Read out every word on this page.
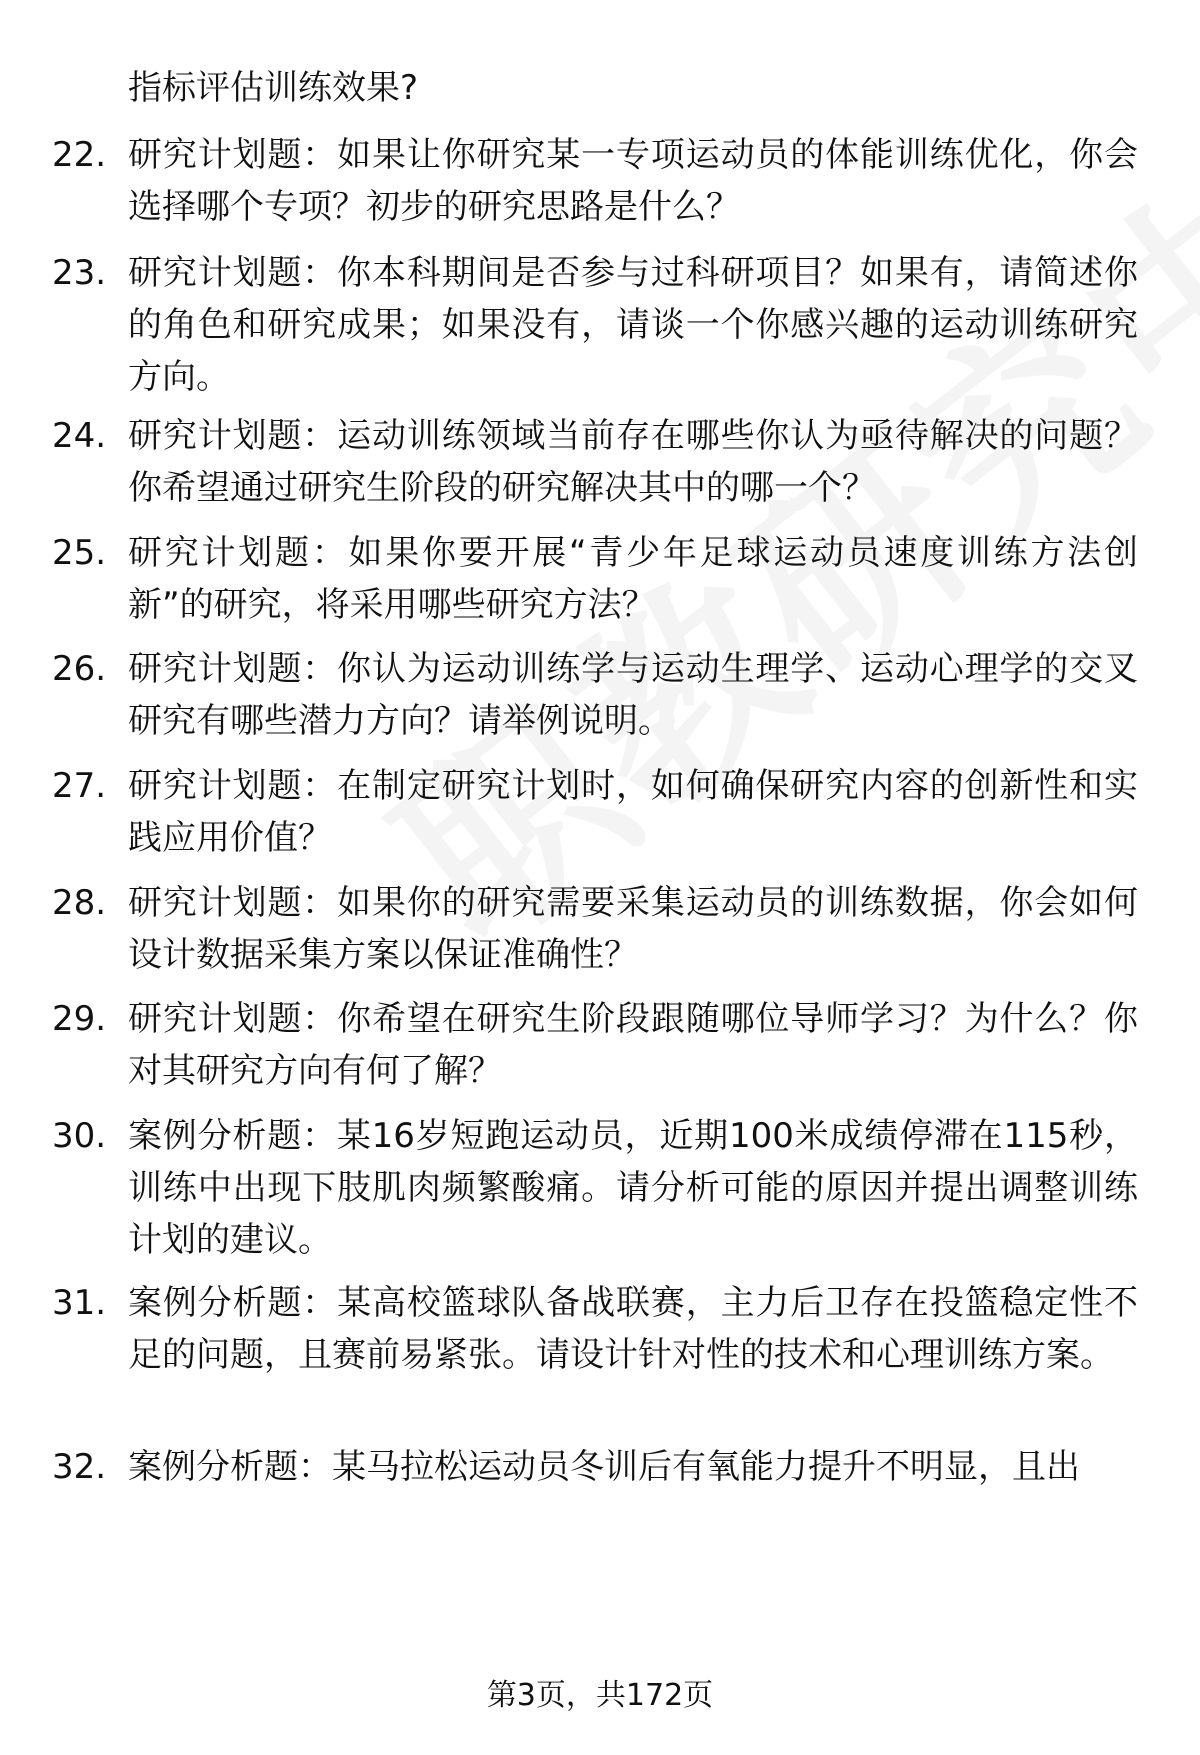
指标评估训练效果?
22. 研究计划题：如果让你研究某一专项运动员的体能训练优化，你会选择哪个专项？初步的研究思路是什么？
23. 研究计划题：你本科期间是否参与过科研项目？如果有，请简述你的角色和研究成果；如果没有，请谈一个你感兴趣的运动训练研究方向。
24. 研究计划题：运动训练领域当前存在哪些你认为亟待解决的问题？你希望通过研究生阶段的研究解决其中的哪一个？
25. 研究计划题：如果你要开展“青少年足球运动员速度训练方法创新”的研究，将采用哪些研究方法？
26. 研究计划题：你认为运动训练学与运动生理学、运动心理学的交叉研究有哪些潜力方向？请举例说明。
27. 研究计划题：在制定研究计划时，如何确保研究内容的创新性和实践应用价值？
28. 研究计划题：如果你的研究需要采集运动员的训练数据，你会如何设计数据采集方案以保证准确性？
29. 研究计划题：你希望在研究生阶段跟随哪位导师学习？为什么？你对其研究方向有何了解？
30. 案例分析题：某16岁短跑运动员，近期100米成绩停滞在115秒，训练中出现下肢肌肉频繁酸痛。请分析可能的原因并提出调整训练计划的建议。
31. 案例分析题：某高校篮球队备战联赛，主力后卫存在投篮稳定性不足的问题，且赛前易紧张。请设计针对性的技术和心理训练方案。
32. 案例分析题：某马拉松运动员冬训后有氧能力提升不明显，且出
第3页，共172页
